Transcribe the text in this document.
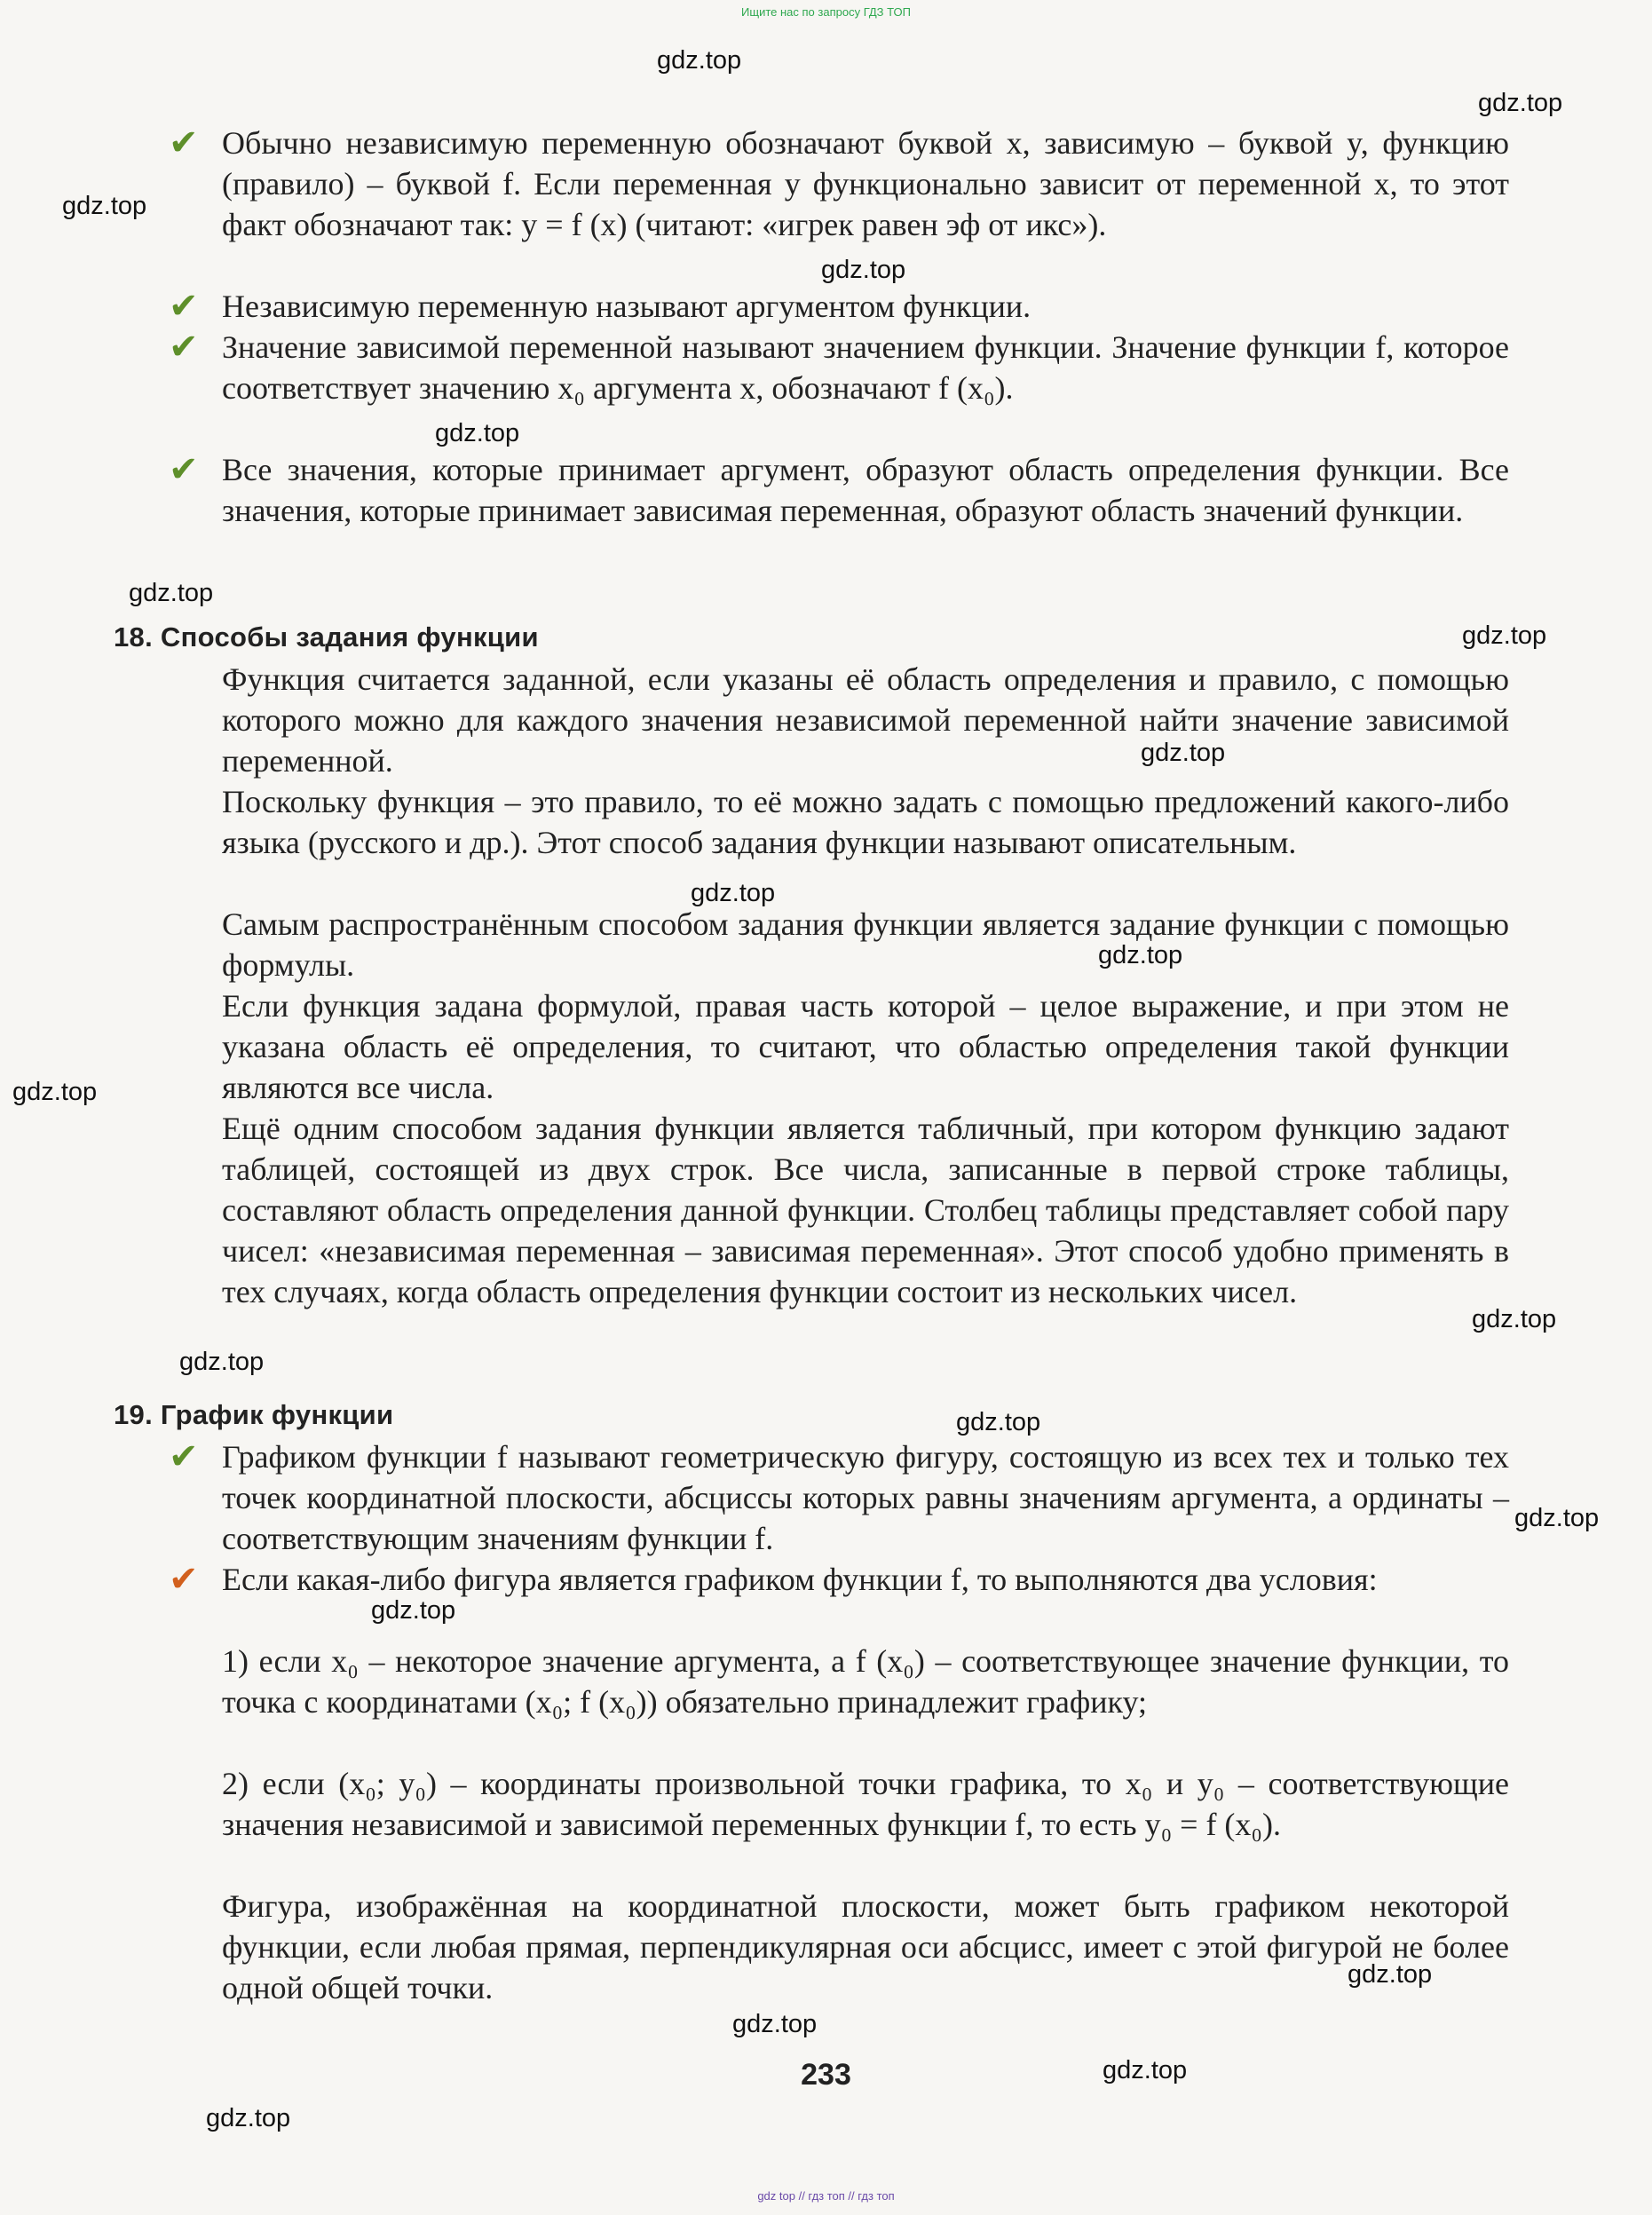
Ищите нас по запросу ГДЗ ТОП
✔ Обычно независимую переменную обозначают буквой x, зависимую – буквой y, функцию (правило) – буквой f. Если переменная y функционально зависит от переменной x, то этот факт обозначают так: y = f (x) (читают: «игрек равен эф от икс»).
✔ Независимую переменную называют аргументом функции.
✔ Значение зависимой переменной называют значением функции. Значение функции f, которое соответствует значению x₀ аргумента x, обозначают f (x₀).
✔ Все значения, которые принимает аргумент, образуют область определения функции. Все значения, которые принимает зависимая переменная, образуют область значений функции.
18. Способы задания функции
Функция считается заданной, если указаны её область определения и правило, с помощью которого можно для каждого значения независимой переменной найти значение зависимой переменной.
Поскольку функция – это правило, то её можно задать с помощью предложений какого-либо языка (русского и др.). Этот способ задания функции называют описательным.
Самым распространённым способом задания функции является задание функции с помощью формулы.
Если функция задана формулой, правая часть которой – целое выражение, и при этом не указана область её определения, то считают, что областью определения такой функции являются все числа.
Ещё одним способом задания функции является табличный, при котором функцию задают таблицей, состоящей из двух строк. Все числа, записанные в первой строке таблицы, составляют область определения данной функции. Столбец таблицы представляет собой пару чисел: «независимая переменная – зависимая переменная». Этот способ удобно применять в тех случаях, когда область определения функции состоит из нескольких чисел.
19. График функции
✔ Графиком функции f называют геометрическую фигуру, состоящую из всех тех и только тех точек координатной плоскости, абсциссы которых равны значениям аргумента, а ординаты – соответствующим значениям функции f.
✔ Если какая-либо фигура является графиком функции f, то выполняются два условия:
1) если x₀ – некоторое значение аргумента, а f (x₀) – соответствующее значение функции, то точка с координатами (x₀; f (x₀)) обязательно принадлежит графику;
2) если (x₀; y₀) – координаты произвольной точки графика, то x₀ и y₀ – соответствующие значения независимой и зависимой переменных функции f, то есть y₀ = f (x₀).
Фигура, изображённая на координатной плоскости, может быть графиком некоторой функции, если любая прямая, перпендикулярная оси абсцисс, имеет с этой фигурой не более одной общей точки.
233
gdz.top
gdz.top
gdz.top
gdz.top
gdz.top
gdz.top
gdz.top
gdz.top
gdz.top
gdz.top
gdz.top
gdz.top
gdz.top
gdz.top
gdz.top
gdz.top
gdz.top
gdz.top
gdz.top
gdz.top
gdz top // гдз топ // гдз топ
